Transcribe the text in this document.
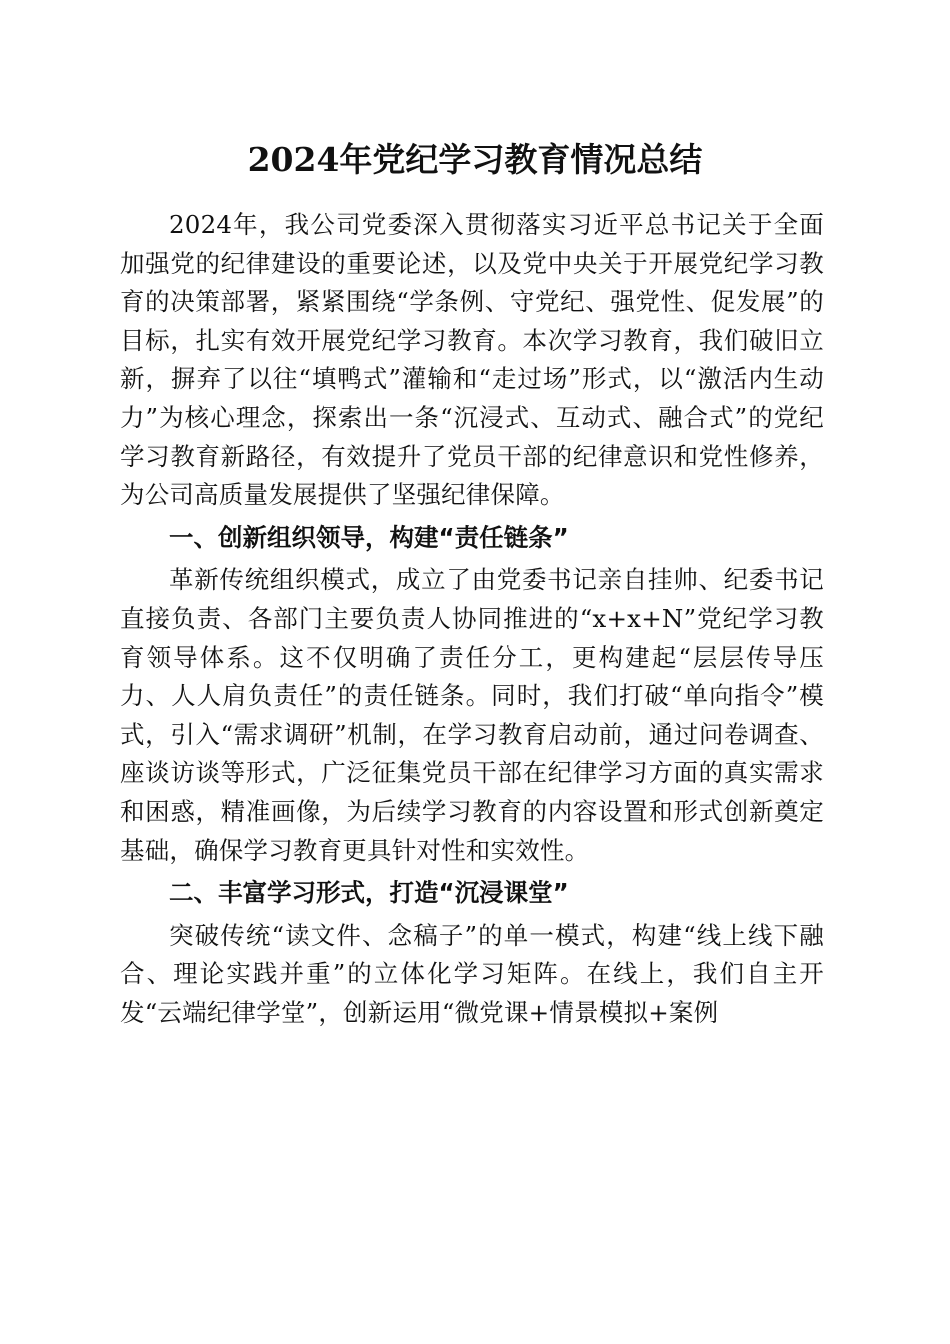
2024年党纪学习教育情况总结

2024年，我公司党委深入贯彻落实习近平总书记关于全面加强党的纪律建设的重要论述，以及党中央关于开展党纪学习教育的决策部署，紧紧围绕“学条例、守党纪、强党性、促发展”的目标，扎实有效开展党纪学习教育。本次学习教育，我们破旧立新，摒弃了以往“填鸭式”灌输和“走过场”形式，以“激活内生动力”为核心理念，探索出一条“沉浸式、互动式、融合式”的党纪学习教育新路径，有效提升了党员干部的纪律意识和党性修养，为公司高质量发展提供了坚强纪律保障。

一、创新组织领导，构建“责任链条”

革新传统组织模式，成立了由党委书记亲自挂帅、纪委书记直接负责、各部门主要负责人协同推进的“x+x+N”党纪学习教育领导体系。这不仅明确了责任分工，更构建起“层层传导压力、人人肩负责任”的责任链条。同时，我们打破“单向指令”模式，引入“需求调研”机制，在学习教育启动前，通过问卷调查、座谈访谈等形式，广泛征集党员干部在纪律学习方面的真实需求和困惑，精准画像，为后续学习教育的内容设置和形式创新奠定基础，确保学习教育更具针对性和实效性。

二、丰富学习形式，打造“沉浸课堂”

突破传统“读文件、念稿子”的单一模式，构建“线上线下融合、理论实践并重”的立体化学习矩阵。在线上，我们自主开发“云端纪律学堂”，创新运用“微党课+情景模拟+案例
